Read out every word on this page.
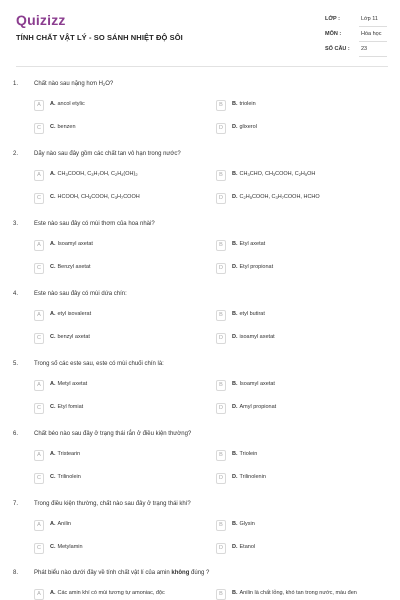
Quizizz
TÍNH CHẤT VẬT LÝ - SO SÁNH NHIỆT ĐỘ SÔI
LỚP :	Lớp 11
MÔN :	Hóa học
SỐ CÂU : 23
1.	Chất nào sau nặng hơn $H_2O$?
A	A. ancol etylic	B	B. triolein
C	C. benzen	D	D. glixerol
2.	Dãy nào sau đây gồm các chất tan vô hạn trong nước?
A	A. $CH_3COOH$, $C_3H_7OH$, $C_2H_4(OH)_2$	B	B. $CH_3CHO$, $CH_3COOH$, $C_2H_5OH$
C	C. HCOOH, $CH_3COOH$, $C_3H_7COOH$	D	D. $C_2H_5COOH$, $C_3H_7COOH$, HCHO
3.	Este nào sau đây có mùi thơm của hoa nhài?
A	A. Isoamyl axetat	B	B. Etyl axetat
C	C. Benzyl axetat	D	D. Etyl propionat
4.	Este nào sau đây có mùi dứa chín:
A	A. etyl isovalerat	B	B. etyl butirat
C	C. benzyl axetat	D	D. isoamyl axetat
5.	Trong số các este sau, este có mùi chuối chín là:
A	A. Metyl axetat	B	B. Isoamyl axetat
C	C. Etyl fomiat	D	D. Amyl propionat
6.	Chất béo nào sau đây ở trạng thái rắn ở điều kiện thường?
A	A. Tristearin	B	B. Triolein
C	C. Trilinolein	D	D. Trilinolenin
7.	Trong điều kiện thường, chất nào sau đây ở trạng thái khí?
A	A. Anilin	B	B. Glysin
C	C. Metylamin	D	D. Etanol
8.	Phát biểu nào dưới đây về tính chất vật lí của amin không đúng ?
A	A. Các amin khí có mùi tương tự amoniac, độc	B	B. Anilin là chất lỏng, khó tan trong nước, màu đen
